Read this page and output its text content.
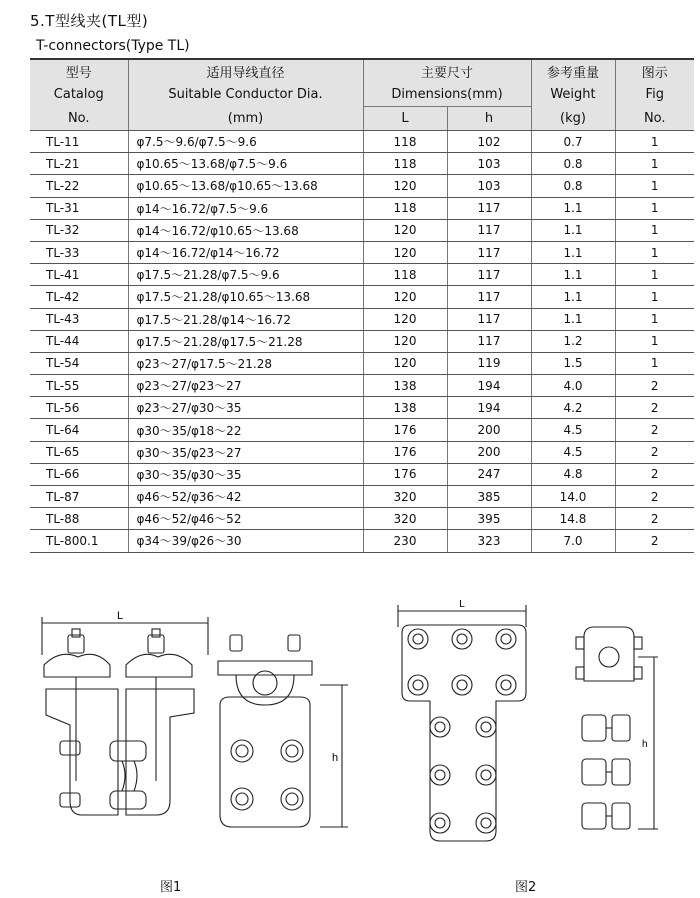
5.T型线夹(TL型)
T-connectors(Type TL)
型号	适用导线直径	主要尺寸		参考重量	图示
Catalog	Suitable Conductor Dia.	Dimensions(mm)		Weight	Fig
No.	(mm)	L	h	(kg)	No.
TL-11	φ7.5～9.6/φ7.5～9.6	118	102	0.7	1
TL-21	φ10.65～13.68/φ7.5～9.6	118	103	0.8	1
TL-22	φ10.65～13.68/φ10.65～13.68	120	103	0.8	1
TL-31	φ14～16.72/φ7.5～9.6	118	117	1.1	1
TL-32	φ14～16.72/φ10.65～13.68	120	117	1.1	1
TL-33	φ14～16.72/φ14～16.72	120	117	1.1	1
TL-41	φ17.5～21.28/φ7.5～9.6	118	117	1.1	1
TL-42	φ17.5～21.28/φ10.65～13.68	120	117	1.1	1
TL-43	φ17.5～21.28/φ14～16.72	120	117	1.1	1
TL-44	φ17.5～21.28/φ17.5～21.28	120	117	1.2	1
TL-54	φ23～27/φ17.5～21.28	120	119	1.5	1
TL-55	φ23～27/φ23～27	138	194	4.0	2
TL-56	φ23～27/φ30～35	138	194	4.2	2
TL-64	φ30～35/φ18～22	176	200	4.5	2
TL-65	φ30～35/φ23～27	176	200	4.5	2
TL-66	φ30～35/φ30～35	176	247	4.8	2
TL-87	φ46～52/φ36～42	320	385	14.0	2
TL-88	φ46～52/φ46～52	320	395	14.8	2
TL-800.1	φ34～39/φ26～30	230	323	7.0	2
L
h
L
h
图1	图2
